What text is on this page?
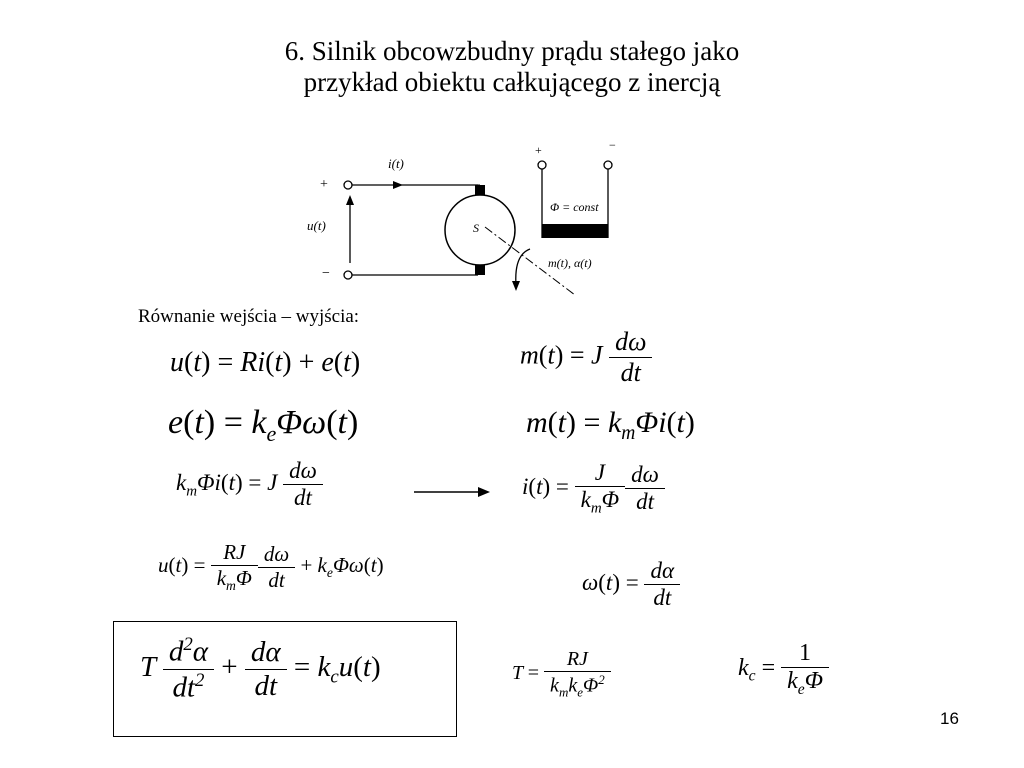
6. Silnik obcowzbudny prądu stałego jako
przykład obiektu całkującego z inercją
i(t)
+
u(t)
−
S
+	−
Φ = const
m(t), α(t)
Równanie wejścia – wyjścia:
u(t) = Ri(t) + e(t)	m(t) = J $\frac{d\omega}{dt}$
$e(t) = k_e\Phi\omega(t)$	$m(t) = k_m\Phi i(t)$
$k_m\Phi i(t) = J \frac{d\omega}{dt}$	$i(t) = \frac{J}{k_m\Phi} \frac{d\omega}{dt}$
$u(t) = \frac{RJ}{k_m\Phi} \frac{d\omega}{dt} + k_e\Phi\omega(t)$
$\omega(t) = \frac{d\alpha}{dt}$
T $\frac{d^2\alpha}{dt^2} + \frac{d\alpha}{dt} = k_cu(t)$	$T = \frac{RJ}{k_mk_e\Phi^2}$	$k_c = \frac{1}{k_e\Phi}$
16
